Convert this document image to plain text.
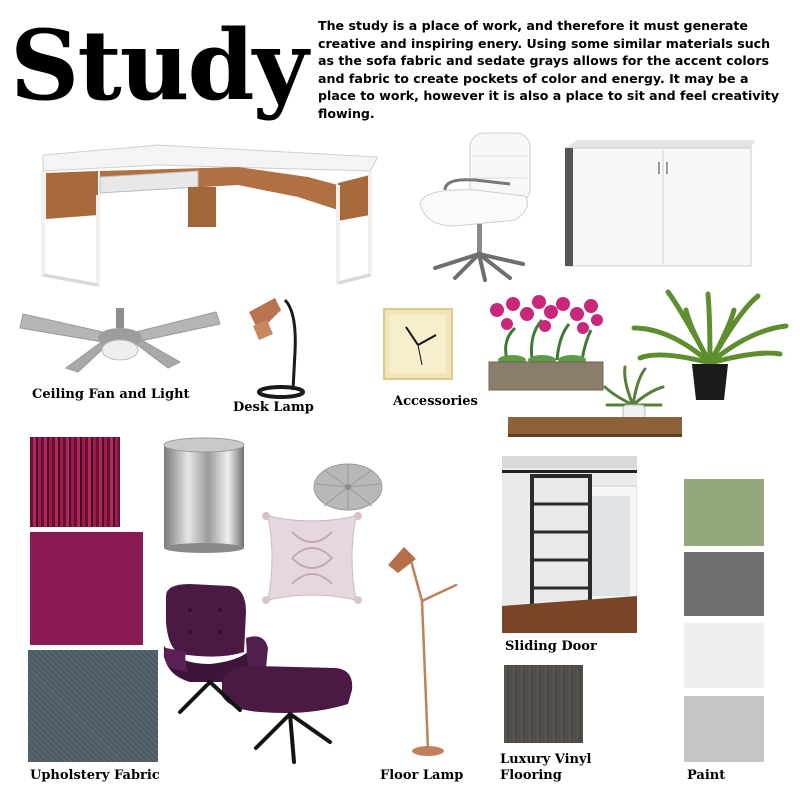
Study The study is a place of work, and therefore it must generate creative and inspiring enery. Using some similar materials such as the sofa fabric and sedate grays allows for the accent colors and fabric to create pockets of color and energy. It may be a place to work, however it is also a place to sit and feel creativity flowing.
Ceiling Fan and Light
Desk Lamp	Accessories
Upholstery Fabric	Floor Lamp
Sliding Door
Luxury Vinyl
Flooring	Paint
